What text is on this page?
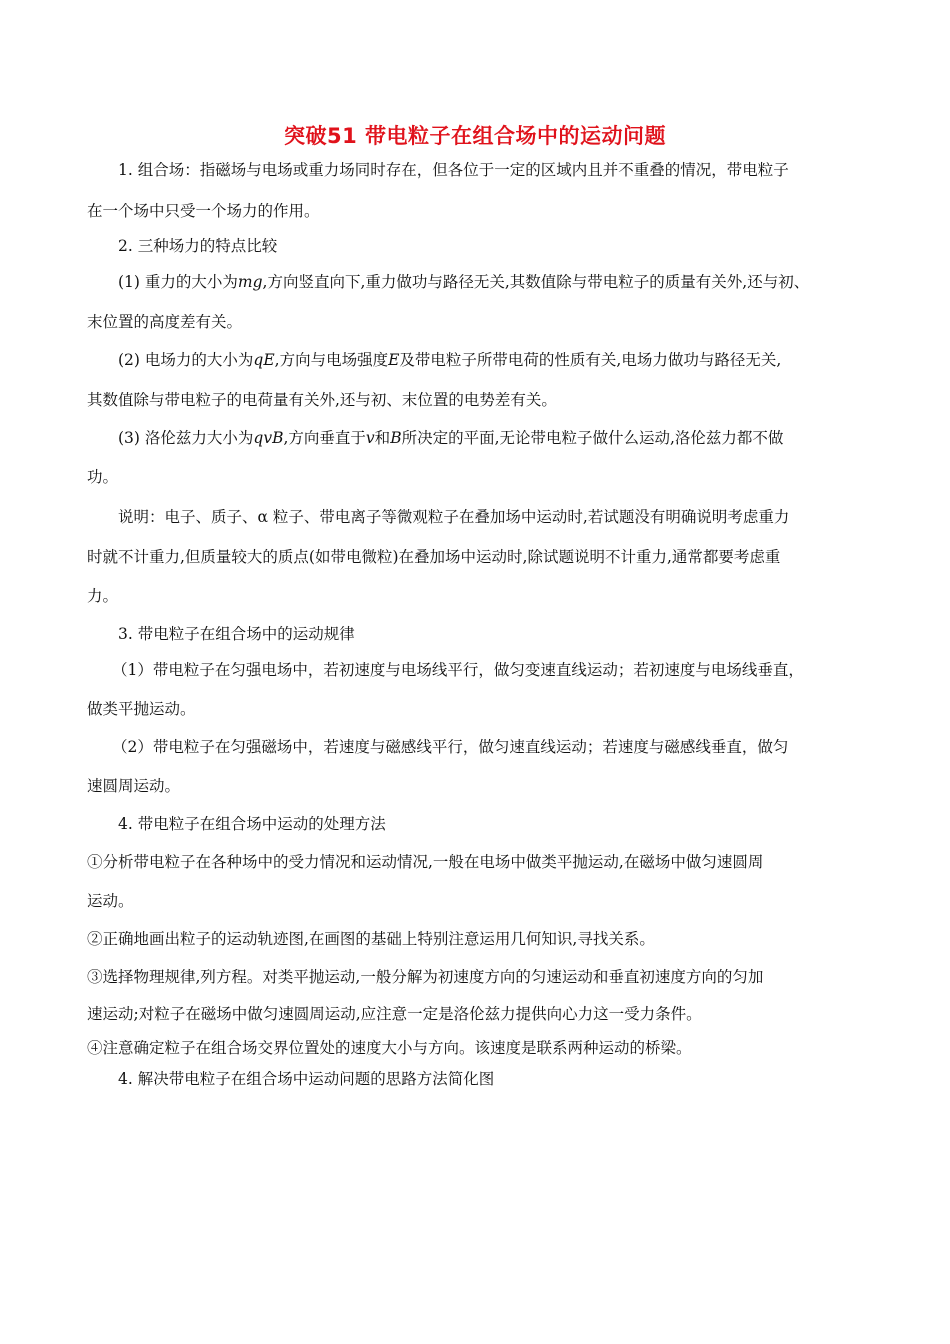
突破51 带电粒子在组合场中的运动问题
1. 组合场：指磁场与电场或重力场同时存在，但各位于一定的区域内且并不重叠的情况，带电粒子
在一个场中只受一个场力的作用。
2. 三种场力的特点比较
(1) 重力的大小为mg,方向竖直向下,重力做功与路径无关,其数值除与带电粒子的质量有关外,还与初、
末位置的高度差有关。
(2) 电场力的大小为qE,方向与电场强度E及带电粒子所带电荷的性质有关,电场力做功与路径无关,
其数值除与带电粒子的电荷量有关外,还与初、末位置的电势差有关。
(3) 洛伦兹力大小为qvB,方向垂直于v和B所决定的平面,无论带电粒子做什么运动,洛伦兹力都不做
功。
说明：电子、质子、α 粒子、带电离子等微观粒子在叠加场中运动时,若试题没有明确说明考虑重力
时就不计重力,但质量较大的质点(如带电微粒)在叠加场中运动时,除试题说明不计重力,通常都要考虑重
力。
3. 带电粒子在组合场中的运动规律
（1）带电粒子在匀强电场中，若初速度与电场线平行，做匀变速直线运动；若初速度与电场线垂直，
做类平抛运动。
（2）带电粒子在匀强磁场中，若速度与磁感线平行，做匀速直线运动；若速度与磁感线垂直，做匀
速圆周运动。
4. 带电粒子在组合场中运动的处理方法
①分析带电粒子在各种场中的受力情况和运动情况,一般在电场中做类平抛运动,在磁场中做匀速圆周
运动。
②正确地画出粒子的运动轨迹图,在画图的基础上特别注意运用几何知识,寻找关系。
③选择物理规律,列方程。对类平抛运动,一般分解为初速度方向的匀速运动和垂直初速度方向的匀加
速运动;对粒子在磁场中做匀速圆周运动,应注意一定是洛伦兹力提供向心力这一受力条件。
④注意确定粒子在组合场交界位置处的速度大小与方向。该速度是联系两种运动的桥梁。
4. 解决带电粒子在组合场中运动问题的思路方法简化图
